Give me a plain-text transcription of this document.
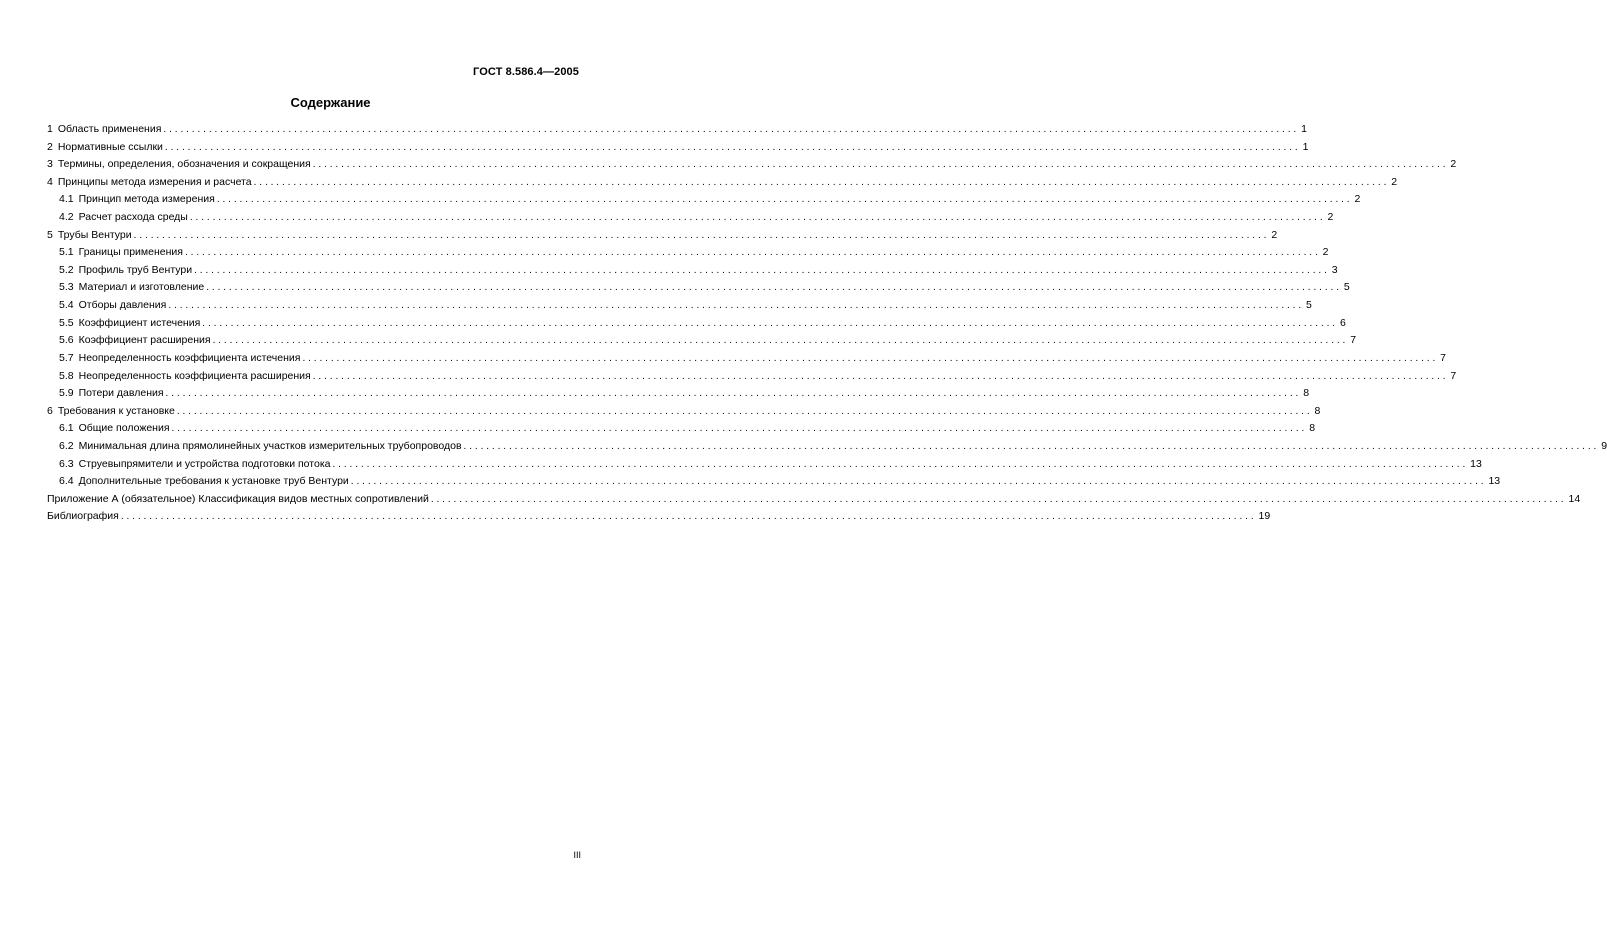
ГОСТ 8.586.4—2005
Содержание
1 Область применения ........................................................................................................................................................................................................ 1
2 Нормативные ссылки ........................................................................................................................................................................................................ 1
3 Термины, определения, обозначения и сокращения ........................................................................................................................................................................................................ 2
4 Принципы метода измерения и расчета ........................................................................................................................................................................................................ 2
4.1 Принцип метода измерения ........................................................................................................................................................................................................ 2
4.2 Расчет расхода среды ........................................................................................................................................................................................................ 2
5 Трубы Вентури ........................................................................................................................................................................................................ 2
5.1 Границы применения ........................................................................................................................................................................................................ 2
5.2 Профиль труб Вентури ........................................................................................................................................................................................................ 3
5.3 Материал и изготовление ........................................................................................................................................................................................................ 5
5.4 Отборы давления ........................................................................................................................................................................................................ 5
5.5 Коэффициент истечения ........................................................................................................................................................................................................ 6
5.6 Коэффициент расширения ........................................................................................................................................................................................................ 7
5.7 Неопределенность коэффициента истечения ........................................................................................................................................................................................................ 7
5.8 Неопределенность коэффициента расширения ........................................................................................................................................................................................................ 7
5.9 Потери давления ........................................................................................................................................................................................................ 8
6 Требования к установке ........................................................................................................................................................................................................ 8
6.1 Общие положения ........................................................................................................................................................................................................ 8
6.2 Минимальная длина прямолинейных участков измерительных трубопроводов ........................................................................................................................................................................................................ 9
6.3 Струевыпрямители и устройства подготовки потока ........................................................................................................................................................................................................ 13
6.4 Дополнительные требования к установке труб Вентури ........................................................................................................................................................................................................ 13
Приложение А (обязательное) Классификация видов местных сопротивлений ........................................................................................................................................................................................................ 14
Библиография ........................................................................................................................................................................................................ 19
III
